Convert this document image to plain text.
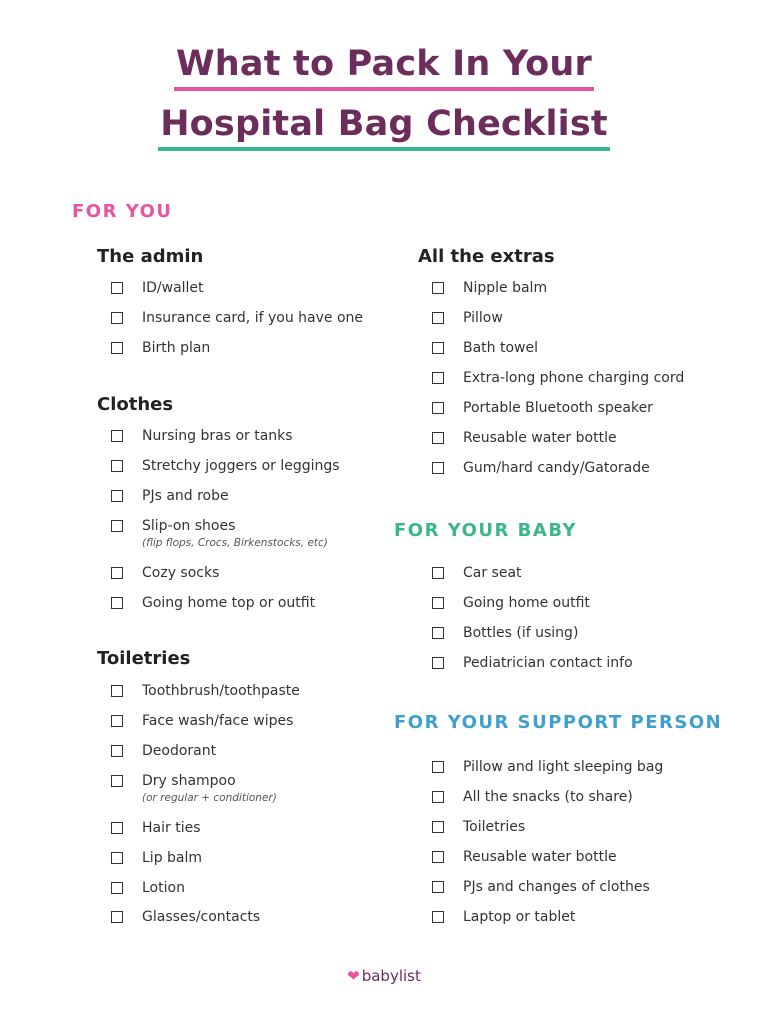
What to Pack In Your
Hospital Bag Checklist
FOR YOU
The admin
ID/wallet
Insurance card, if you have one
Birth plan
Clothes
Nursing bras or tanks
Stretchy joggers or leggings
PJs and robe
Slip-on shoes
(flip flops, Crocs, Birkenstocks, etc)
Cozy socks
Going home top or outfit
Toiletries
Toothbrush/toothpaste
Face wash/face wipes
Deodorant
Dry shampoo
(or regular + conditioner)
Hair ties
Lip balm
Lotion
Glasses/contacts
All the extras
Nipple balm
Pillow
Bath towel
Extra-long phone charging cord
Portable Bluetooth speaker
Reusable water bottle
Gum/hard candy/Gatorade
FOR YOUR BABY
Car seat
Going home outfit
Bottles (if using)
Pediatrician contact info
FOR YOUR SUPPORT PERSON
Pillow and light sleeping bag
All the snacks (to share)
Toiletries
Reusable water bottle
PJs and changes of clothes
Laptop or tablet
❤ babylist
